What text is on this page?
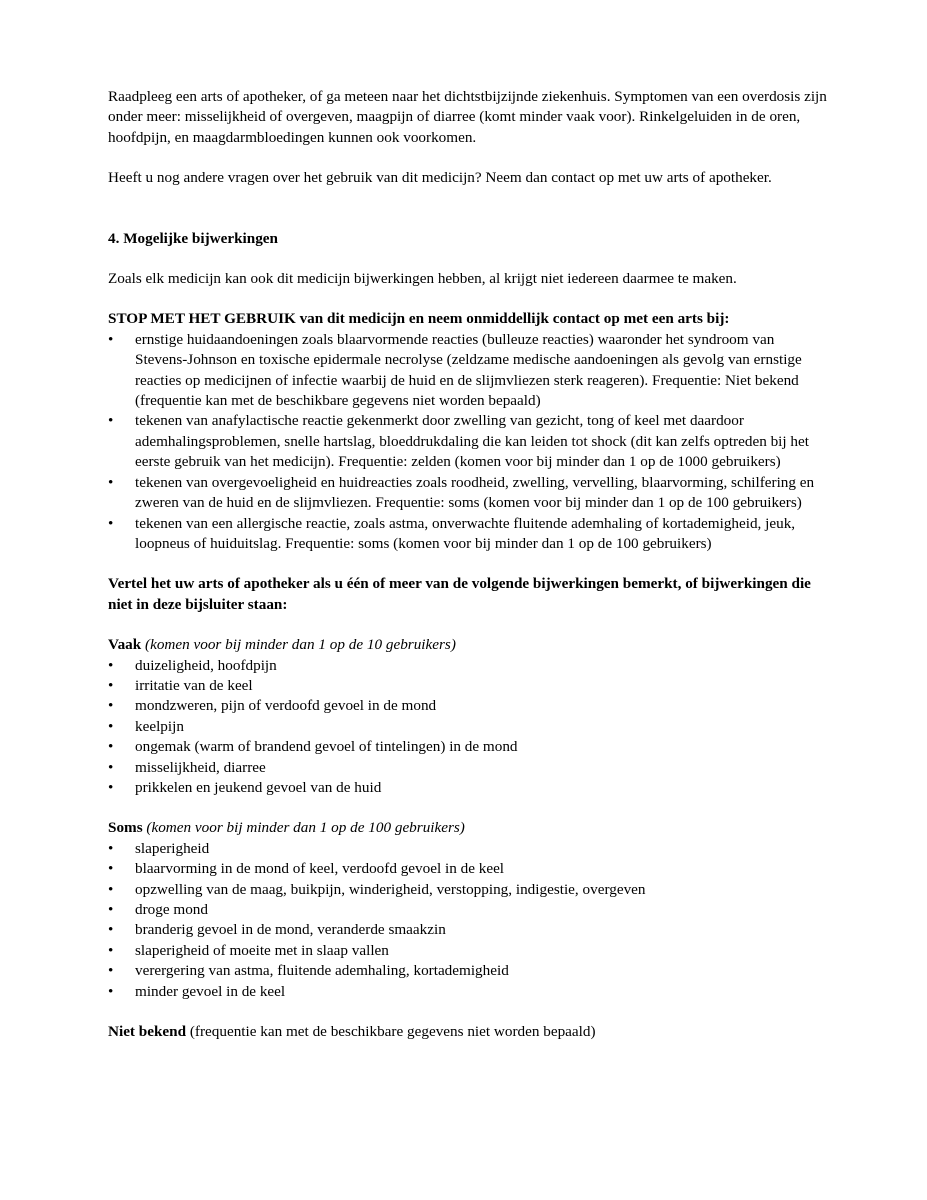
Raadpleeg een arts of apotheker, of ga meteen naar het dichtstbijzijnde ziekenhuis. Symptomen van een overdosis zijn onder meer: misselijkheid of overgeven, maagpijn of diarree (komt minder vaak voor). Rinkelgeluiden in de oren, hoofdpijn, en maagdarmbloedingen kunnen ook voorkomen.

Heeft u nog andere vragen over het gebruik van dit medicijn? Neem dan contact op met uw arts of apotheker.

4. Mogelijke bijwerkingen

Zoals elk medicijn kan ook dit medicijn bijwerkingen hebben, al krijgt niet iedereen daarmee te maken.

STOP MET HET GEBRUIK van dit medicijn en neem onmiddellijk contact op met een arts bij:

•	ernstige huidaandoeningen zoals blaarvormende reacties (bulleuze reacties) waaronder het syndroom van Stevens-Johnson en toxische epidermale necrolyse (zeldzame medische aandoeningen als gevolg van ernstige reacties op medicijnen of infectie waarbij de huid en de slijmvliezen sterk reageren). Frequentie: Niet bekend (frequentie kan met de beschikbare gegevens niet worden bepaald)
•	tekenen van anafylactische reactie gekenmerkt door zwelling van gezicht, tong of keel met daardoor ademhalingsproblemen, snelle hartslag, bloeddrukdaling die kan leiden tot shock (dit kan zelfs optreden bij het eerste gebruik van het medicijn). Frequentie: zelden (komen voor bij minder dan 1 op de 1000 gebruikers)
•	tekenen van overgevoeligheid en huidreacties zoals roodheid, zwelling, vervelling, blaarvorming, schilfering en zweren van de huid en de slijmvliezen. Frequentie: soms (komen voor bij minder dan 1 op de 100 gebruikers)
•	tekenen van een allergische reactie, zoals astma, onverwachte fluitende ademhaling of kortademigheid, jeuk, loopneus of huiduitslag. Frequentie: soms (komen voor bij minder dan 1 op de 100 gebruikers)

Vertel het uw arts of apotheker als u één of meer van de volgende bijwerkingen bemerkt, of bijwerkingen die niet in deze bijsluiter staan:

Vaak (komen voor bij minder dan 1 op de 10 gebruikers)

•	duizeligheid, hoofdpijn
•	irritatie van de keel
•	mondzweren, pijn of verdoofd gevoel in de mond
•	keelpijn
•	ongemak (warm of brandend gevoel of tintelingen) in de mond
•	misselijkheid, diarree
•	prikkelen en jeukend gevoel van de huid

Soms (komen voor bij minder dan 1 op de 100 gebruikers)

•	slaperigheid
•	blaarvorming in de mond of keel, verdoofd gevoel in de keel
•	opzwelling van de maag, buikpijn, winderigheid, verstopping, indigestie, overgeven
•	droge mond
•	branderig gevoel in de mond, veranderde smaakzin
•	slaperigheid of moeite met in slaap vallen
•	verergering van astma, fluitende ademhaling, kortademigheid
•	minder gevoel in de keel

Niet bekend (frequentie kan met de beschikbare gegevens niet worden bepaald)
